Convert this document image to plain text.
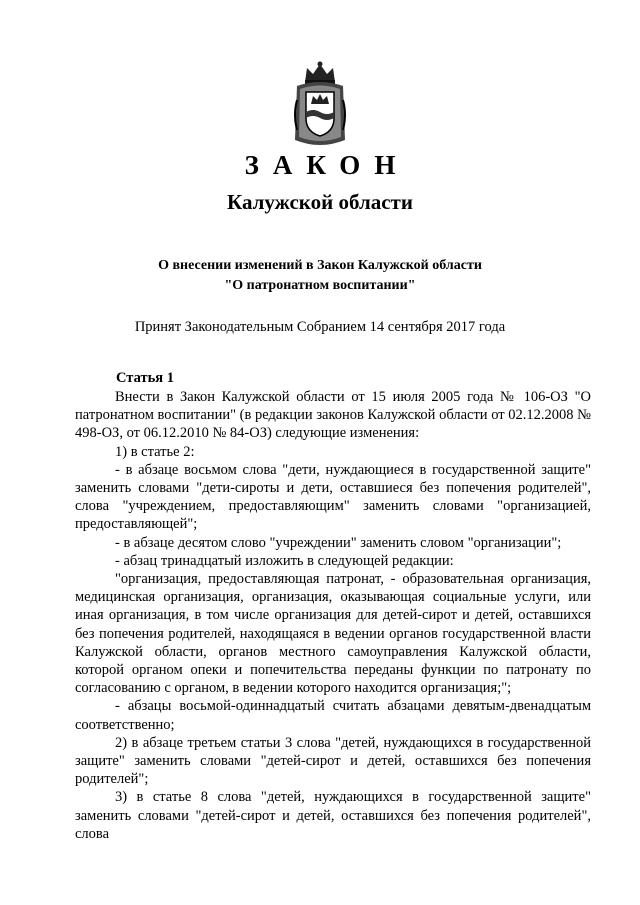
ЗАКОН
Калужской области
О внесении изменений в Закон Калужской области
"О патронатном воспитании"
Принят Законодательным Собранием 14 сентября 2017 года
Статья 1

Внести в Закон Калужской области от 15 июля 2005 года № 106-ОЗ "О патронатном воспитании" (в редакции законов Калужской области от 02.12.2008 № 498-ОЗ, от 06.12.2010 № 84-ОЗ) следующие изменения:

1) в статье 2:

- в абзаце восьмом слова "дети, нуждающиеся в государственной защите" заменить словами "дети-сироты и дети, оставшиеся без попечения родителей", слова "учреждением, предоставляющим" заменить словами "организацией, предоставляющей";

- в абзаце десятом слово "учреждении" заменить словом "организации";

- абзац тринадцатый изложить в следующей редакции:

"организация, предоставляющая патронат, - образовательная организация, медицинская организация, организация, оказывающая социальные услуги, или иная организация, в том числе организация для детей-сирот и детей, оставшихся без попечения родителей, находящаяся в ведении органов государственной власти Калужской области, органов местного самоуправления Калужской области, которой органом опеки и попечительства переданы функции по патронату по согласованию с органом, в ведении которого находится организация;";

- абзацы восьмой-одиннадцатый считать абзацами девятым-двенадцатым соответственно;

2) в абзаце третьем статьи 3 слова "детей, нуждающихся в государственной защите" заменить словами "детей-сирот и детей, оставшихся без попечения родителей";

3) в статье 8 слова "детей, нуждающихся в государственной защите" заменить словами "детей-сирот и детей, оставшихся без попечения родителей", слова
